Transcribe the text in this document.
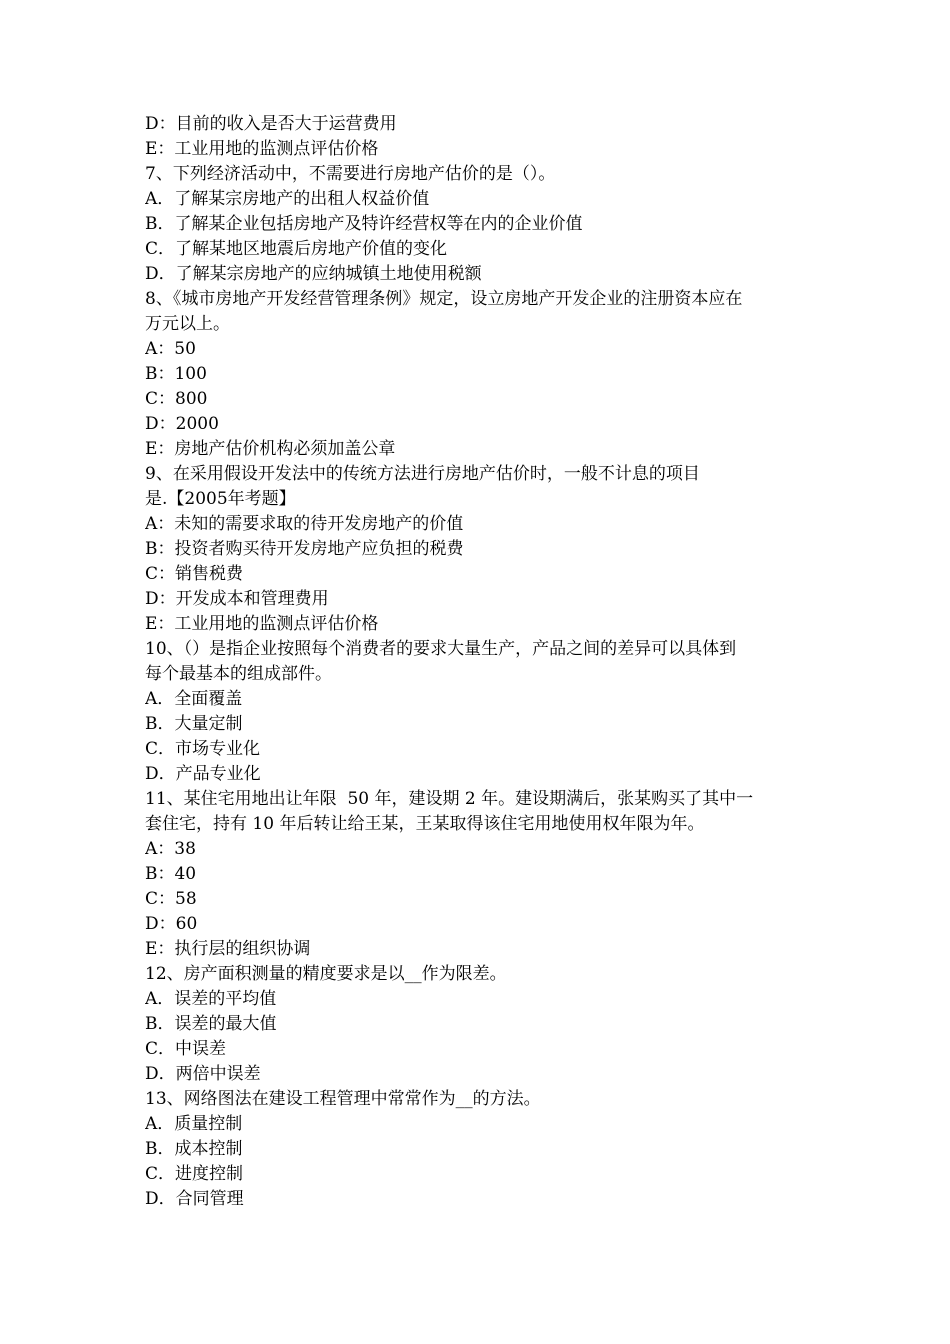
D：目前的收入是否大于运营费用
E：工业用地的监测点评估价格
7、下列经济活动中，不需要进行房地产估价的是（）。
A．了解某宗房地产的出租人权益价值
B．了解某企业包括房地产及特许经营权等在内的企业价值
C．了解某地区地震后房地产价值的变化
D．了解某宗房地产的应纳城镇土地使用税额
8、《城市房地产开发经营管理条例》规定，设立房地产开发企业的注册资本应在
万元以上。
A：50
B：100
C：800
D：2000
E：房地产估价机构必须加盖公章
9、在采用假设开发法中的传统方法进行房地产估价时，一般不计息的项目
是.【2005年考题】
A：未知的需要求取的待开发房地产的价值
B：投资者购买待开发房地产应负担的税费
C：销售税费
D：开发成本和管理费用
E：工业用地的监测点评估价格
10、（）是指企业按照每个消费者的要求大量生产，产品之间的差异可以具体到
每个最基本的组成部件。
A．全面覆盖
B．大量定制
C．市场专业化
D．产品专业化
11、某住宅用地出让年限  50 年，建设期 2 年。建设期满后，张某购买了其中一
套住宅，持有 10 年后转让给王某，王某取得该住宅用地使用权年限为年。
A：38
B：40
C：58
D：60
E：执行层的组织协调
12、房产面积测量的精度要求是以__作为限差。
A．误差的平均值
B．误差的最大值
C．中误差
D．两倍中误差
13、网络图法在建设工程管理中常常作为__的方法。
A．质量控制
B．成本控制
C．进度控制
D．合同管理
